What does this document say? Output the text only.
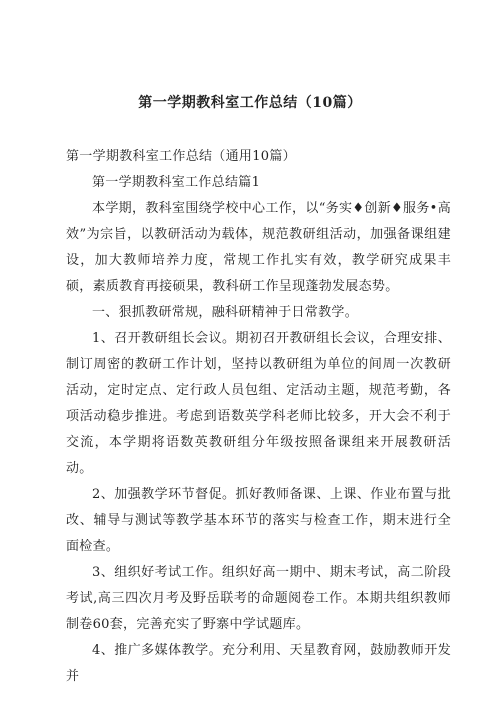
第一学期教科室工作总结（10篇）

第一学期教科室工作总结（通用10篇）

第一学期教科室工作总结篇1

本学期，教科室围绕学校中心工作，以“务实♦创新♦服务•高效”为宗旨，以教研活动为载体，规范教研组活动，加强备课组建设，加大教师培养力度，常规工作扎实有效，教学研究成果丰硕，素质教育再接硕果，教科研工作呈现蓬勃发展态势。

一、狠抓教研常规，融科研精神于日常教学。

1、召开教研组长会议。期初召开教研组长会议，合理安排、制订周密的教研工作计划，坚持以教研组为单位的间周一次教研活动，定时定点、定行政人员包组、定活动主题，规范考勤，各项活动稳步推进。考虑到语数英学科老师比较多，开大会不利于交流，本学期将语数英教研组分年级按照备课组来开展教研活动。

2、加强教学环节督促。抓好教师备课、上课、作业布置与批改、辅导与测试等教学基本环节的落实与检查工作，期末进行全面检查。

3、组织好考试工作。组织好高一期中、期末考试，高二阶段考试,高三四次月考及野岳联考的命题阅卷工作。本期共组织教师制卷60套，完善充实了野寨中学试题库。

4、推广多媒体教学。充分利用、天星教育网，鼓励教师开发并
